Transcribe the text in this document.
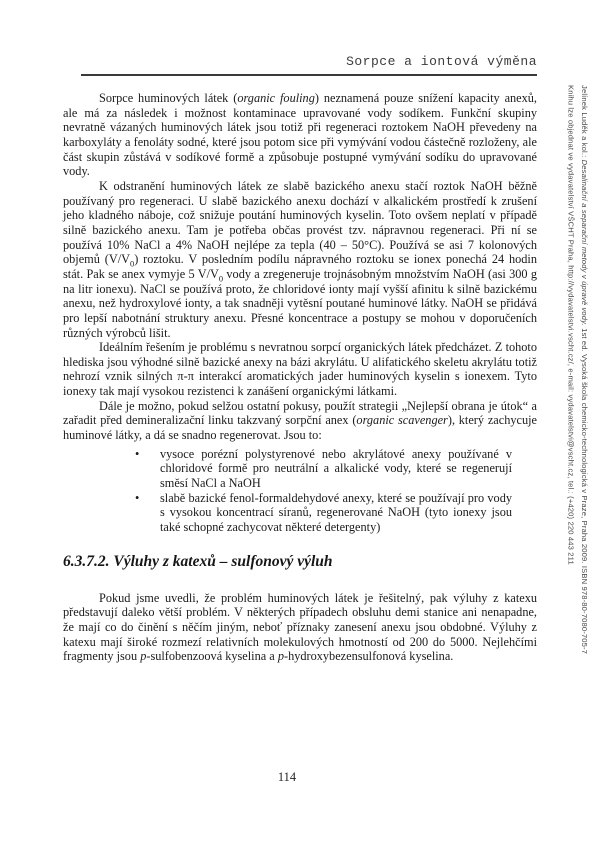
Sorpce a iontová výměna
Jelínek Luděk a kol.: Desalinační a separační metody v úpravě vody. 1st ed. Vysoká škola chemicko-technologická v Praze, Praha 2009. ISBN 978-80-7080-705-7
Knihu lze objednat ve vydavatelství VŠCHT Praha, http://vydavatelstvi.vscht.cz/, e-mail: vydavatelstvi@vscht.cz, tel.: (+420) 220 443 211

Sorpce huminových látek (organic fouling) neznamená pouze snížení kapacity anexů, ale má za následek i možnost kontaminace upravované vody sodíkem. Funkční skupiny nevratně vázaných huminových látek jsou totiž při regeneraci roztokem NaOH převedeny na karboxyláty a fenoláty sodné, které jsou potom sice při vymývání vodou částečně rozloženy, ale část skupin zůstává v sodíkové formě a způsobuje postupné vymývání sodíku do upravované vody.

K odstranění huminových látek ze slabě bazického anexu stačí roztok NaOH běžně používaný pro regeneraci. U slabě bazického anexu dochází v alkalickém prostředí k zrušení jeho kladného náboje, což snižuje poutání huminových kyselin. Toto ovšem neplatí v případě silně bazického anexu. Tam je potřeba občas provést tzv. nápravnou regeneraci. Při ní se používá 10% NaCl a 4% NaOH nejlépe za tepla (40 – 50°C). Používá se asi 7 kolonových objemů $(V/V_0)$ roztoku. V posledním podílu nápravného roztoku se ionex ponechá 24 hodin stát. Pak se anex vymyje 5 $V/V_0$ vody a zregeneruje trojnásobným množstvím NaOH (asi 300 g na litr ionexu). NaCl se používá proto, že chloridové ionty mají vyšší afinitu k silně bazickému anexu, než hydroxylové ionty, a tak snadněji vytěsní poutané huminové látky. NaOH se přidává pro lepší nabotnání struktury anexu. Přesné koncentrace a postupy se mohou v doporučeních různých výrobců lišit.

Ideálním řešením je problému s nevratnou sorpcí organických látek předcházet. Z tohoto hlediska jsou výhodné silně bazické anexy na bázi akrylátu. U alifatického skeletu akrylátu totiž nehrozí vznik silných π-π interakcí aromatických jader huminových kyselin s ionexem. Tyto ionexy tak mají vysokou rezistenci k zanášení organickými látkami.

Dále je možno, pokud selžou ostatní pokusy, použít strategii „Nejlepší obrana je útok“ a zařadit před demineralizační linku takzvaný sorpční anex (organic scavenger), který zachycuje huminové látky, a dá se snadno regenerovat. Jsou to:

• vysoce porézní polystyrenové nebo akrylátové anexy používané v chloridové formě pro neutrální a alkalické vody, které se regenerují směsí NaCl a NaOH
• slabě bazické fenol-formaldehydové anexy, které se používají pro vody s vysokou koncentrací síranů, regenerované NaOH (tyto ionexy jsou také schopné zachycovat některé detergenty)
6.3.7.2. Výluhy z katexů – sulfonový výluh

Pokud jsme uvedli, že problém huminových látek je řešitelný, pak výluhy z katexu představují daleko větší problém. V některých případech obsluhu demi stanice ani nenapadne, že mají co do činění s něčím jiným, neboť příznaky zanesení anexu jsou obdobné. Výluhy z katexu mají široké rozmezí relativních molekulových hmotností od 200 do 5000. Nejlehčími fragmenty jsou p-sulfobenzoová kyselina a p-hydroxybezensulfonová kyselina.

114
